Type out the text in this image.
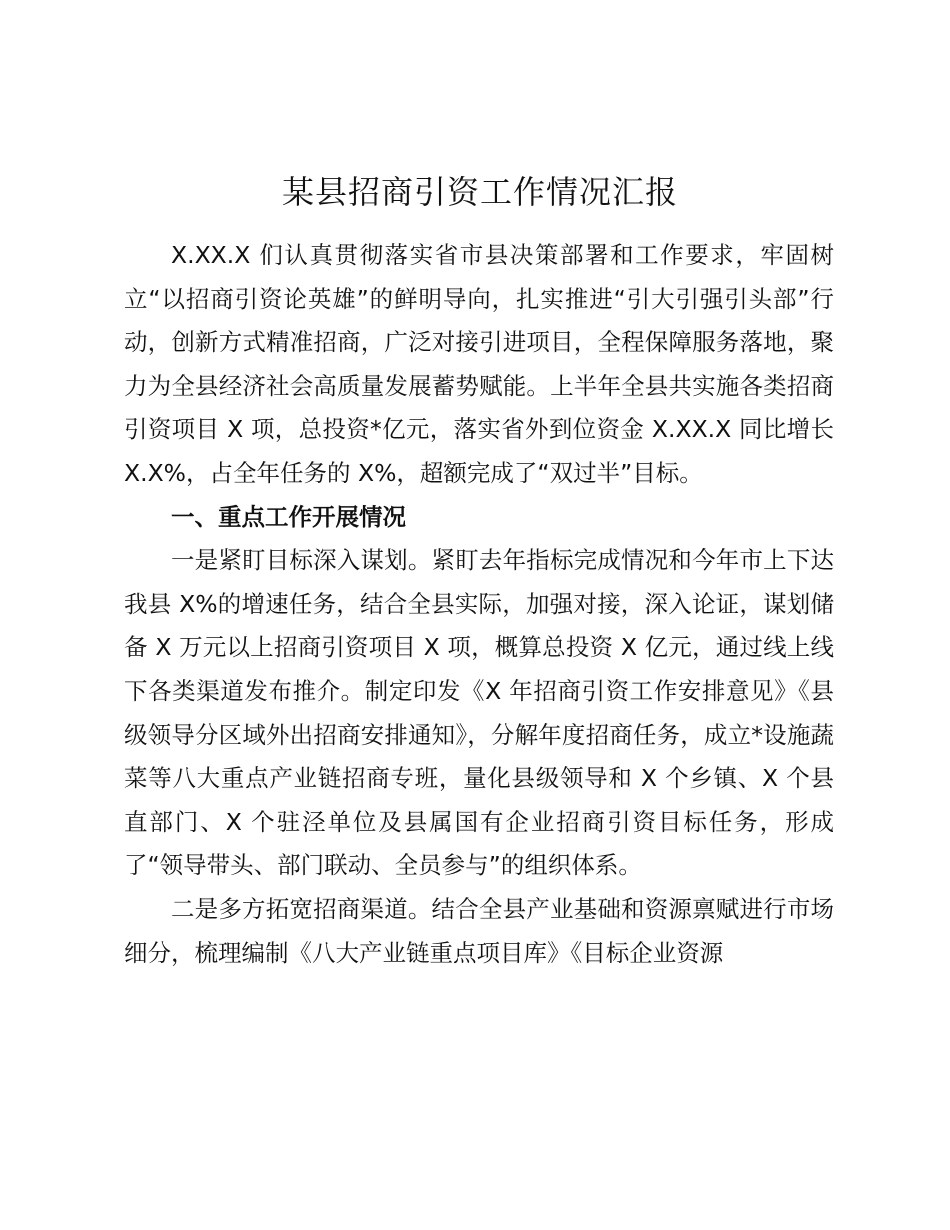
某县招商引资工作情况汇报

X.XX.X 们认真贯彻落实省市县决策部署和工作要求，牢固树立“以招商引资论英雄”的鲜明导向，扎实推进“引大引强引头部”行动，创新方式精准招商，广泛对接引进项目，全程保障服务落地，聚力为全县经济社会高质量发展蓄势赋能。上半年全县共实施各类招商引资项目 X 项，总投资*亿元，落实省外到位资金 X.XX.X 同比增长 X.X%，占全年任务的 X%，超额完成了“双过半”目标。

一、重点工作开展情况

一是紧盯目标深入谋划。紧盯去年指标完成情况和今年市上下达我县 X%的增速任务，结合全县实际，加强对接，深入论证，谋划储备 X 万元以上招商引资项目 X 项，概算总投资 X 亿元，通过线上线下各类渠道发布推介。制定印发《X 年招商引资工作安排意见》《县级领导分区域外出招商安排通知》，分解年度招商任务，成立*设施蔬菜等八大重点产业链招商专班，量化县级领导和 X 个乡镇、X 个县直部门、X 个驻泾单位及县属国有企业招商引资目标任务，形成了“领导带头、部门联动、全员参与”的组织体系。

二是多方拓宽招商渠道。结合全县产业基础和资源禀赋进行市场细分，梳理编制《八大产业链重点项目库》《目标企业资源
